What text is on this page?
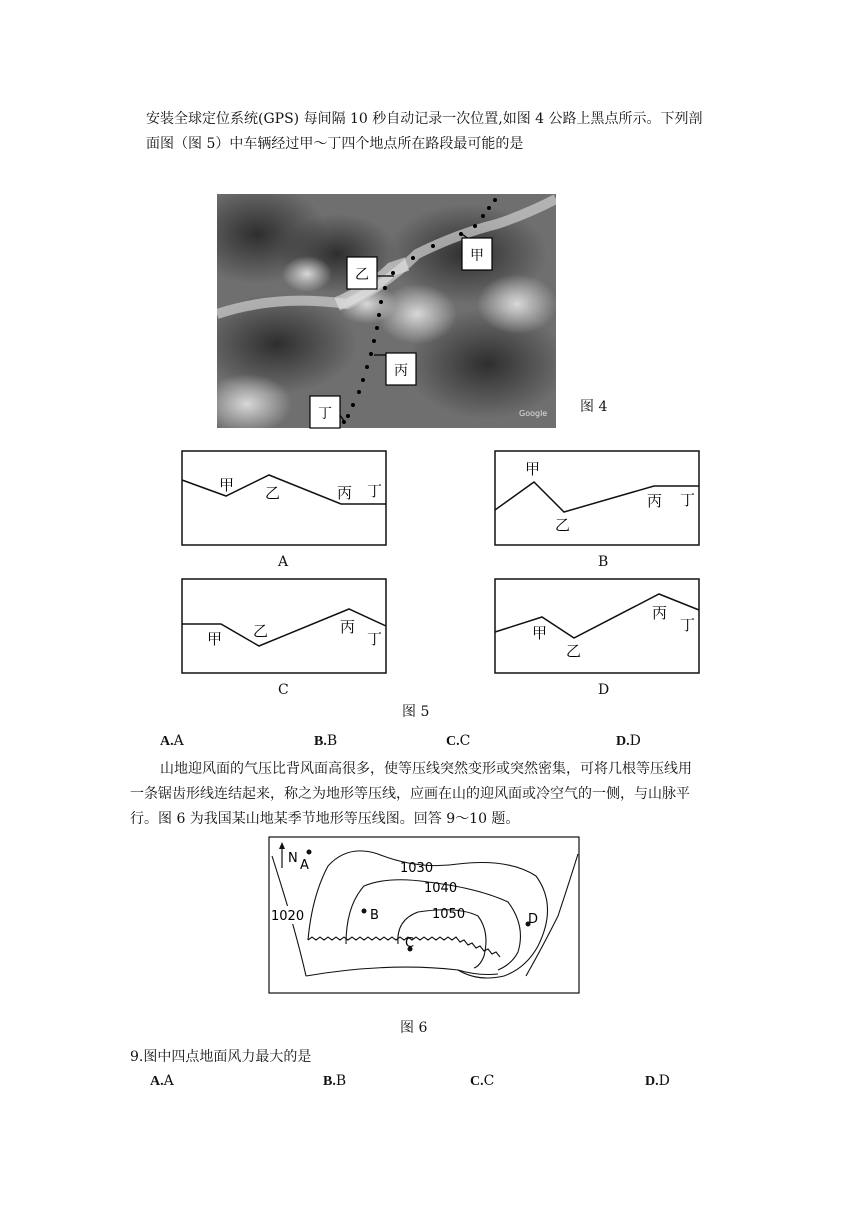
安装全球定位系统(GPS) 每间隔 10 秒自动记录一次位置,如图 4 公路上黑点所示。下列剖
面图（图 5）中车辆经过甲～丁四个地点所在路段最可能的是
Google
甲
乙
丙
丁	图 4
甲 乙	丙 丁
A
甲
乙
丙 丁
B
甲 乙	丙
丁
C
甲
乙
丙
丁
D
图 5
A.A	B.B	C.C	D.D
山地迎风面的气压比背风面高很多，使等压线突然变形或突然密集，可将几根等压线用
一条锯齿形线连结起来，称之为地形等压线，应画在山的迎风面或冷空气的一侧，与山脉平
行。图 6 为我国某山地某季节地形等压线图。回答 9～10 题。
N
1030
1040
1050
1020
A
B
C
D
图 6
9.图中四点地面风力最大的是
A.A	B.B	C.C	D.D
